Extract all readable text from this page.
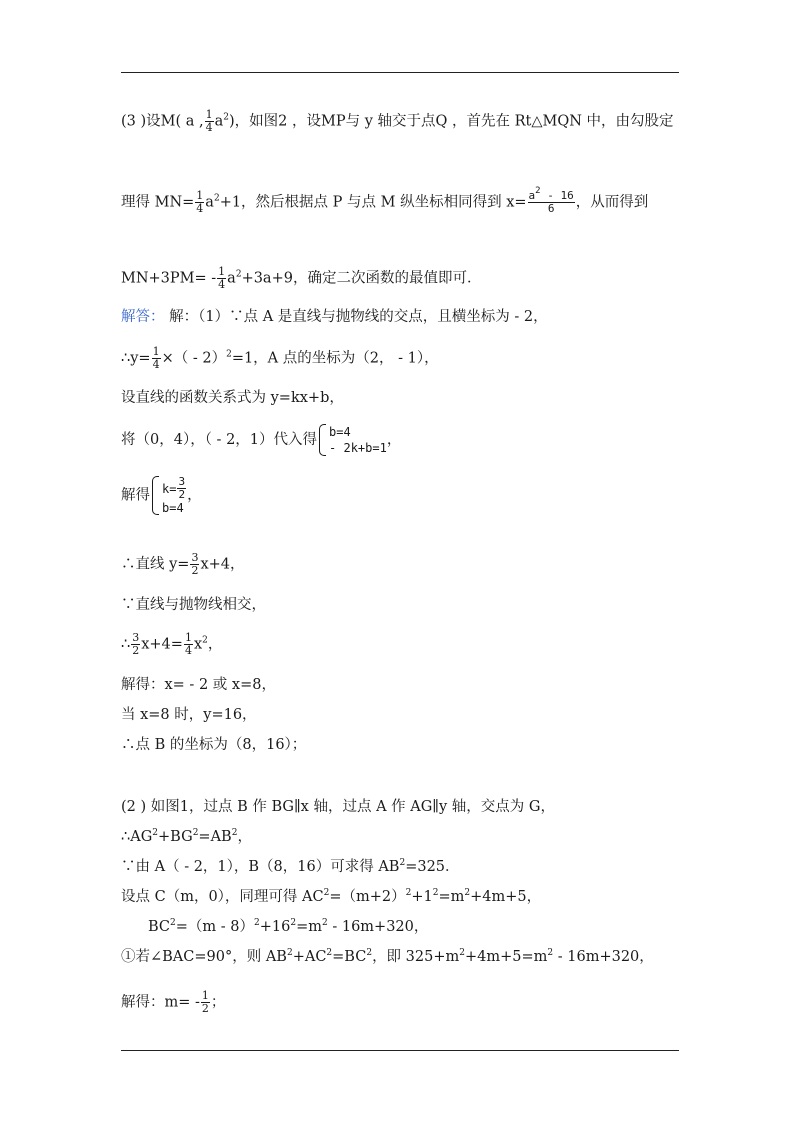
(3 )设M( a , $\frac{1}{4} a^2$)，如图2 ，设MP与 y 轴交于点Q ，首先在 Rt△MQN 中，由勾股定
理得 $MN= \frac{1}{4} a^2+1$，然后根据点 P 与点 M 纵坐标相同得到 $x= \frac{a^2 - 16}{6}$ ，从而得到
$MN+3PM= - \frac{1}{4} a^2+3a+9$，确定二次函数的最值即可．
解答： 解：（1）∵点 A 是直线与抛物线的交点，且横坐标为 - 2，
∴y= $\frac{1}{4}$ ×（ - 2）$^2$=1，A 点的坐标为（2， - 1），
设直线的函数关系式为 y=kx+b，
将（0，4），（ - 2，1）代入得 b=4
- 2k+b=1 ，
解得 $k= \frac{3}{2}$
b=4
，
∴直线 $y= \frac{3}{2} x+4$，
∵直线与抛物线相交，
∴ $\frac{3}{2} x+4= \frac{1}{4} x^2$，
解得：x= - 2 或 x=8，
当 x=8 时，y=16，
∴点 B 的坐标为（8，16）；
(2 ) 如图1，过点 B 作 BG∥x 轴，过点 A 作 AG∥y 轴，交点为 G，
$\therefore AG^2+BG^2=AB^2$，
∵由 A（ - 2，1），B（8，16）可求得 $AB^2=325$．
设点 C（m，0），同理可得 $AC^2=(m+2)^2+1^2=m^2+4m+5$，
$BC^2=(m - 8)^2+16^2=m^2 - 16m+320$，
①若∠BAC=90°，则 $AB^2+AC^2=BC^2$，即 $325+m^2+4m+5=m^2 - 16m+320$，
解得：$m= - \frac{1}{2}$ ；
